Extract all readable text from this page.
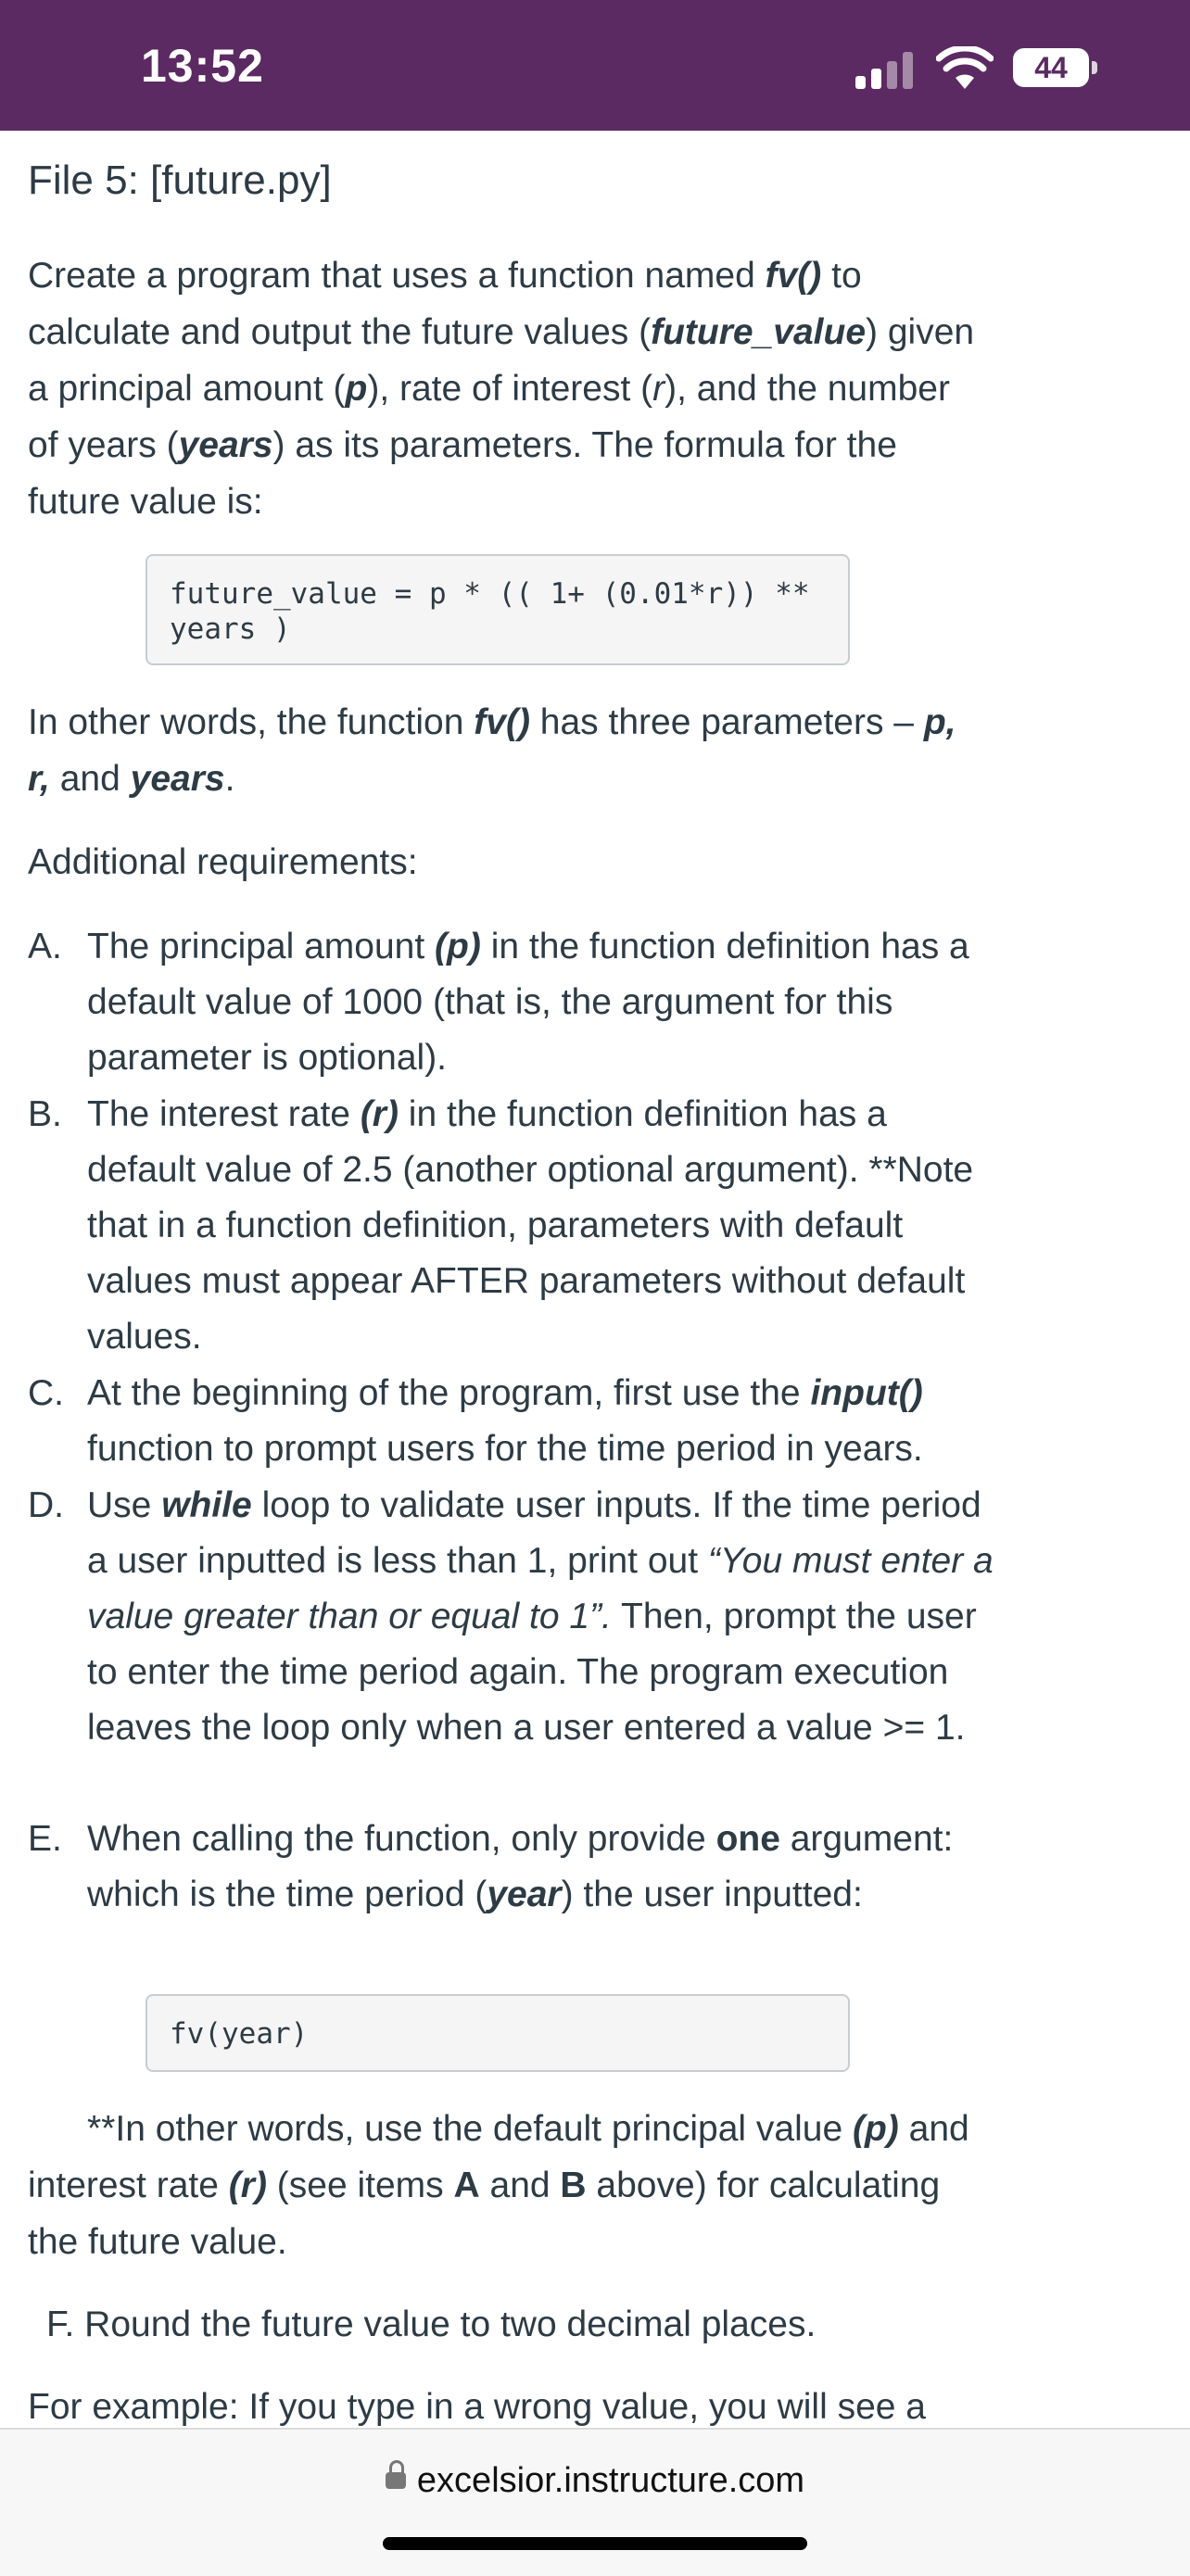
13:52	44
File 5: [future.py]

Create a program that uses a function named fv() to calculate and output the future values (future_value) given a principal amount (p), rate of interest (r), and the number of years (years) as its parameters. The formula for the future value is:

future_value = p * (( 1+ (0.01*r)) ** years )

In other words, the function fv() has three parameters – p, r, and years.

Additional requirements:

A. The principal amount (p) in the function definition has a default value of 1000 (that is, the argument for this parameter is optional).
B. The interest rate (r) in the function definition has a default value of 2.5 (another optional argument). **Note that in a function definition, parameters with default values must appear AFTER parameters without default values.
C. At the beginning of the program, first use the input() function to prompt users for the time period in years.
D. Use while loop to validate user inputs. If the time period a user inputted is less than 1, print out “You must enter a value greater than or equal to 1”. Then, prompt the user to enter the time period again. The program execution leaves the loop only when a user entered a value >= 1.
E. When calling the function, only provide one argument: which is the time period (year) the user inputted:
fv(year)

**In other words, use the default principal value (p) and interest rate (r) (see items A and B above) for calculating the future value.

F. Round the future value to two decimal places.

For example: If you type in a wrong value, you will see a

excelsior.instructure.com
